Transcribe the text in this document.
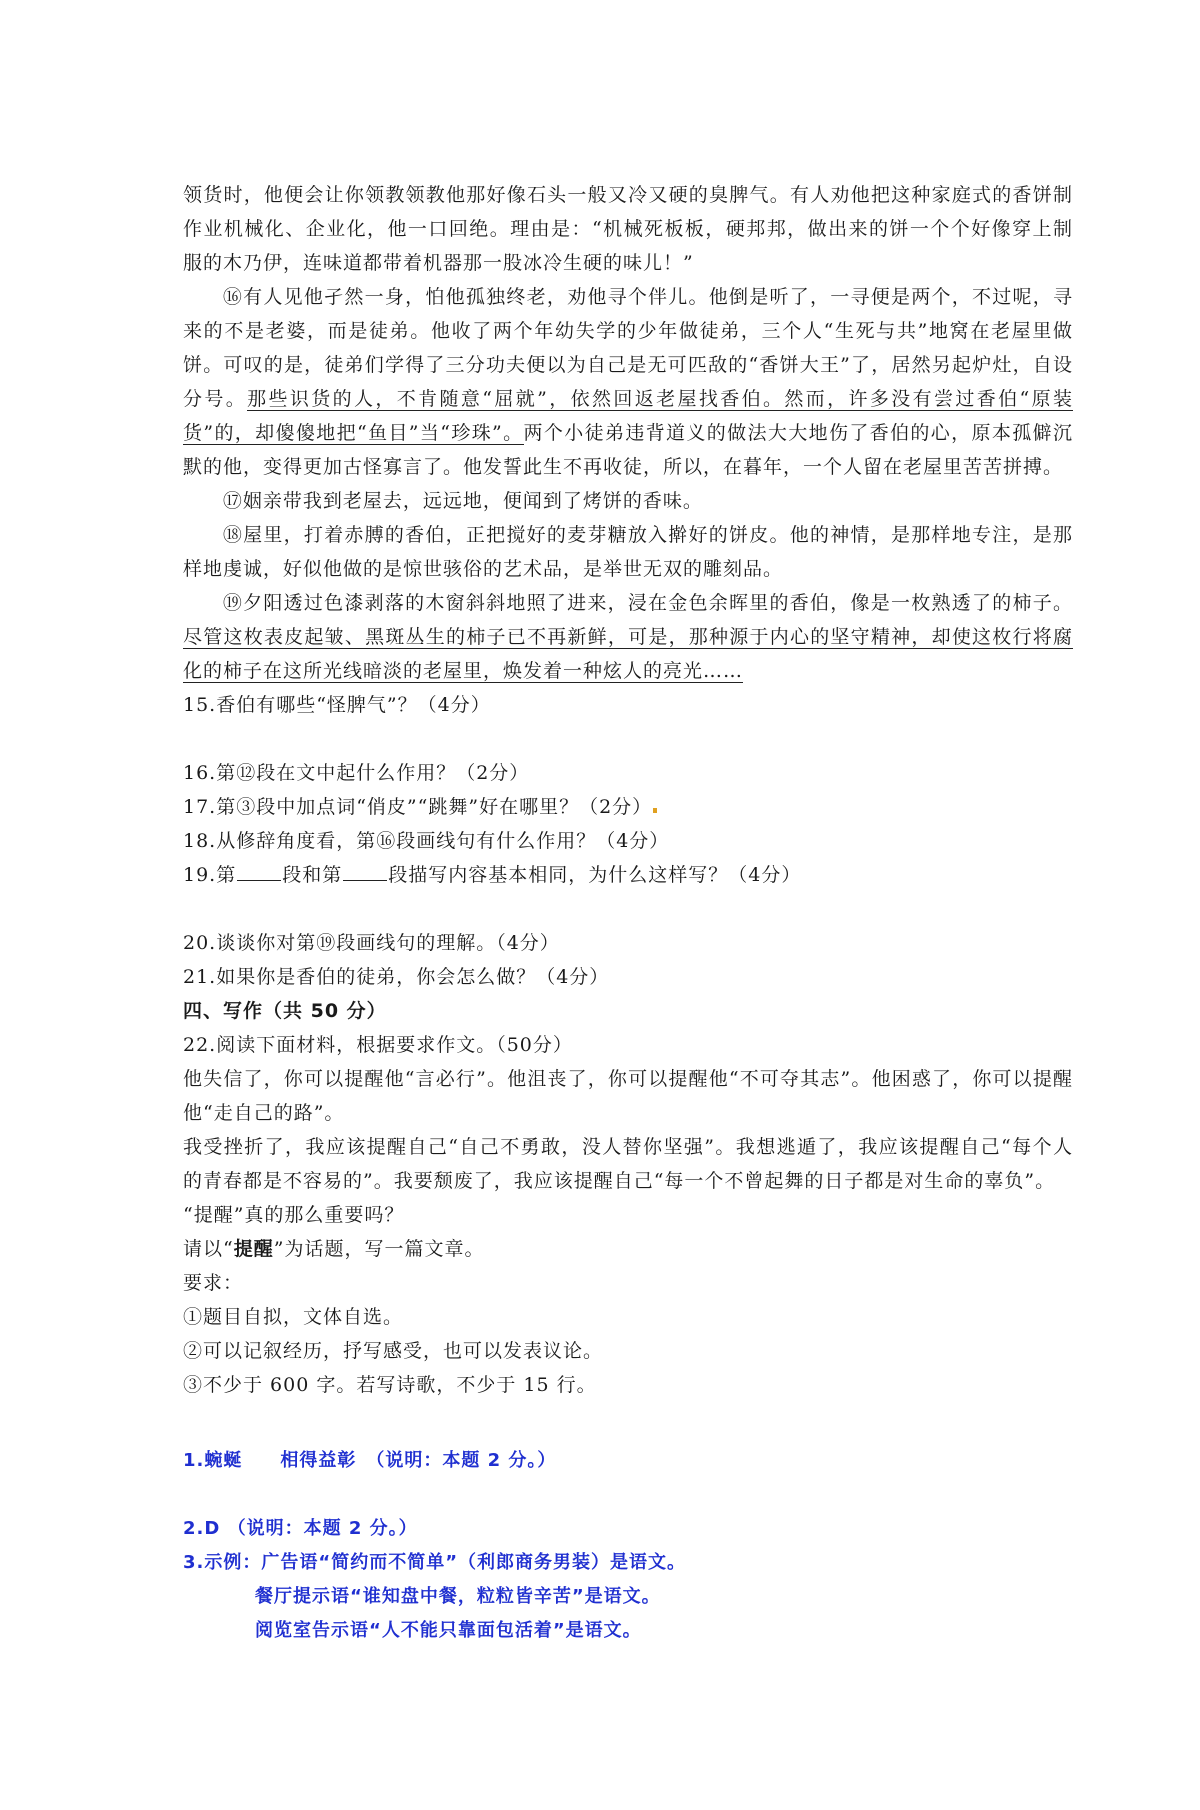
领货时，他便会让你领教领教他那好像石头一般又冷又硬的臭脾气。有人劝他把这种家庭式的香饼制作业机械化、企业化，他一口回绝。理由是：“机械死板板，硬邦邦，做出来的饼一个个好像穿上制服的木乃伊，连味道都带着机器那一股冰冷生硬的味儿！”

⑯有人见他孑然一身，怕他孤独终老，劝他寻个伴儿。他倒是听了，一寻便是两个，不过呢，寻来的不是老婆，而是徒弟。他收了两个年幼失学的少年做徒弟，三个人“生死与共”地窝在老屋里做饼。可叹的是，徒弟们学得了三分功夫便以为自己是无可匹敌的“香饼大王”了，居然另起炉灶，自设分号。那些识货的人，不肯随意“屈就”，依然回返老屋找香伯。然而，许多没有尝过香伯“原装货”的，却傻傻地把“鱼目”当“珍珠”。两个小徒弟违背道义的做法大大地伤了香伯的心，原本孤僻沉默的他，变得更加古怪寡言了。他发誓此生不再收徒，所以，在暮年，一个人留在老屋里苦苦拼搏。

⑰姻亲带我到老屋去，远远地，便闻到了烤饼的香味。

⑱屋里，打着赤膊的香伯，正把搅好的麦芽糖放入擀好的饼皮。他的神情，是那样地专注，是那样地虔诚，好似他做的是惊世骇俗的艺术品，是举世无双的雕刻品。

⑲夕阳透过色漆剥落的木窗斜斜地照了进来，浸在金色余晖里的香伯，像是一枚熟透了的柿子。尽管这枚表皮起皱、黑斑丛生的柿子已不再新鲜，可是，那种源于内心的坚守精神，却使这枚行将腐化的柿子在这所光线暗淡的老屋里，焕发着一种炫人的亮光……

15.香伯有哪些“怪脾气”？（4分）

16.第⑫段在文中起什么作用？（2分）

17.第③段中加点词“俏皮”“跳舞”好在哪里？（2分）

18.从修辞角度看，第⑯段画线句有什么作用？（4分）

19.第 段和第 段描写内容基本相同，为什么这样写？（4分）

20.谈谈你对第⑲段画线句的理解。（4分）

21.如果你是香伯的徒弟，你会怎么做？（4分）

四、写作（共 50 分）

22.阅读下面材料，根据要求作文。（50分）

他失信了，你可以提醒他“言必行”。他沮丧了，你可以提醒他“不可夺其志”。他困惑了，你可以提醒他“走自己的路”。

我受挫折了，我应该提醒自己“自己不勇敢，没人替你坚强”。我想逃遁了，我应该提醒自己“每个人的青春都是不容易的”。我要颓废了，我应该提醒自己“每一个不曾起舞的日子都是对生命的辜负”。

“提醒”真的那么重要吗？

请以“提醒”为话题，写一篇文章。

要求：

①题目自拟，文体自选。

②可以记叙经历，抒写感受，也可以发表议论。

③不少于 600 字。若写诗歌，不少于 15 行。

1.蜿蜒　　相得益彰　（说明：本题 2 分。）

2.D （说明：本题 2 分。）

3.示例：广告语“简约而不简单”（利郎商务男装）是语文。

餐厅提示语“谁知盘中餐，粒粒皆辛苦”是语文。

阅览室告示语“人不能只靠面包活着”是语文。
